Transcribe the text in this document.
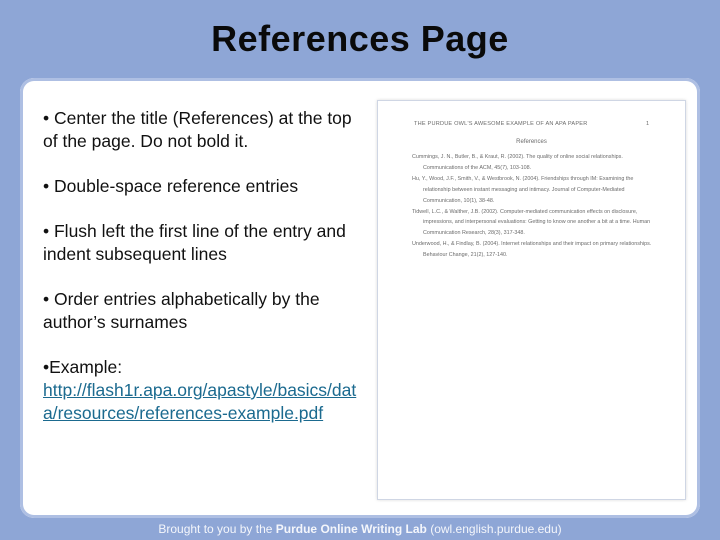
References Page

• Center the title (References) at the top of the page. Do not bold it.

• Double-space reference entries

• Flush left the first line of the entry and indent subsequent lines

• Order entries alphabetically by the author’s surnames

•Example:
http://flash1r.apa.org/apastyle/basics/data/resources/references-example.pdf

THE PURDUE OWL'S AWESOME EXAMPLE OF AN APA PAPER	1
References
Cummings, J. N., Butler, B., & Kraut, R. (2002). The quality of online social relationships. Communications of the ACM, 45(7), 103-108.
Hu, Y., Wood, J.F., Smith, V., & Westbrook, N. (2004). Friendships through IM: Examining the relationship between instant messaging and intimacy. Journal of Computer-Mediated Communication, 10(1), 38-48.
Tidwell, L.C., & Walther, J.B. (2002). Computer-mediated communication effects on disclosure, impressions, and interpersonal evaluations: Getting to know one another a bit at a time. Human Communication Research, 28(3), 317-348.
Underwood, H., & Findlay, B. (2004). Internet relationships and their impact on primary relationships. Behaviour Change, 21(2), 127-140.
Brought to you by the Purdue Online Writing Lab (owl.english.purdue.edu)
